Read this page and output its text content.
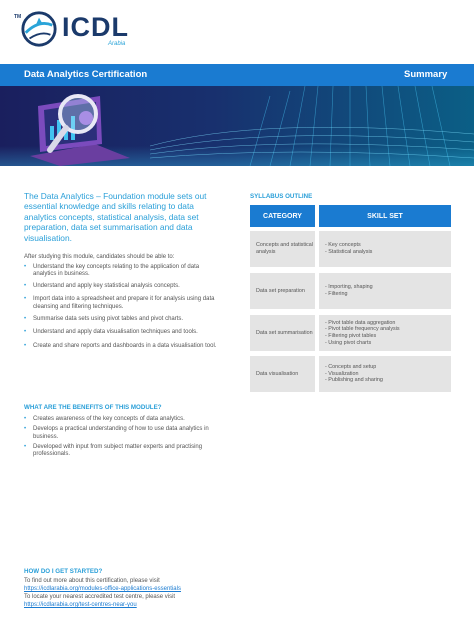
TM ICDL
Arabia
Data Analytics Certification	Summary
The Data Analytics – Foundation module sets out essential knowledge and skills relating to data analytics concepts, statistical analysis, data set preparation, data set summarisation and data visualisation.
After studying this module, candidates should be able to:
• Understand the key concepts relating to the application of data analytics in business.
• Understand and apply key statistical analysis concepts.
• Import data into a spreadsheet and prepare it for analysis using data cleansing and filtering techniques.
• Summarise data sets using pivot tables and pivot charts.
• Understand and apply data visualisation techniques and tools.
• Create and share reports and dashboards in a data visualisation tool.
WHAT ARE THE BENEFITS OF THIS MODULE?
• Creates awareness of the key concepts of data analytics.
• Develops a practical understanding of how to use data analytics in business.
• Developed with input from subject matter experts and practising professionals.
SYLLABUS OUTLINE
CATEGORY	SKILL SET
Concepts and statistical analysis
- Key concepts
- Statistical analysis
Data set preparation
- Importing, shaping
- Filtering
Data set summarisation
- Pivot table data aggregation
- Pivot table frequency analysis
- Filtering pivot tables
- Using pivot charts
Data visualisation
- Concepts and setup
- Visualization
- Publishing and sharing
HOW DO I GET STARTED?
To find out more about this certification, please visit
https://icdlarabia.org/modules-office-applications-essentials
To locate your nearest accredited test centre, please visit
https://icdlarabia.org/test-centres-near-you
